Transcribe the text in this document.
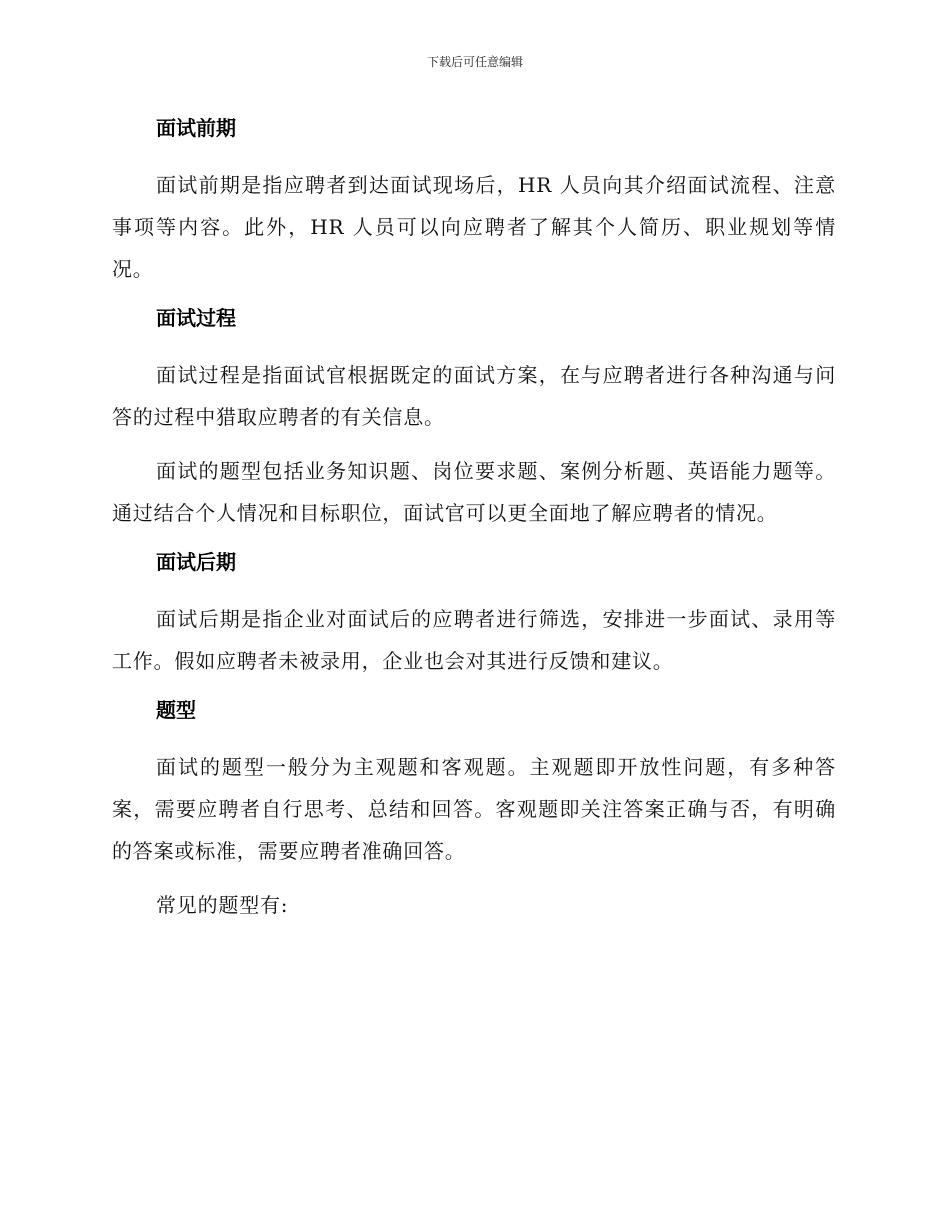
下载后可任意编辑
面试前期

面试前期是指应聘者到达面试现场后，HR 人员向其介绍面试流程、注意事项等内容。此外，HR 人员可以向应聘者了解其个人简历、职业规划等情况。

面试过程

面试过程是指面试官根据既定的面试方案，在与应聘者进行各种沟通与问答的过程中猎取应聘者的有关信息。

面试的题型包括业务知识题、岗位要求题、案例分析题、英语能力题等。通过结合个人情况和目标职位，面试官可以更全面地了解应聘者的情况。

面试后期

面试后期是指企业对面试后的应聘者进行筛选，安排进一步面试、录用等工作。假如应聘者未被录用，企业也会对其进行反馈和建议。

题型

面试的题型一般分为主观题和客观题。主观题即开放性问题，有多种答案，需要应聘者自行思考、总结和回答。客观题即关注答案正确与否，有明确的答案或标准，需要应聘者准确回答。

常见的题型有:
